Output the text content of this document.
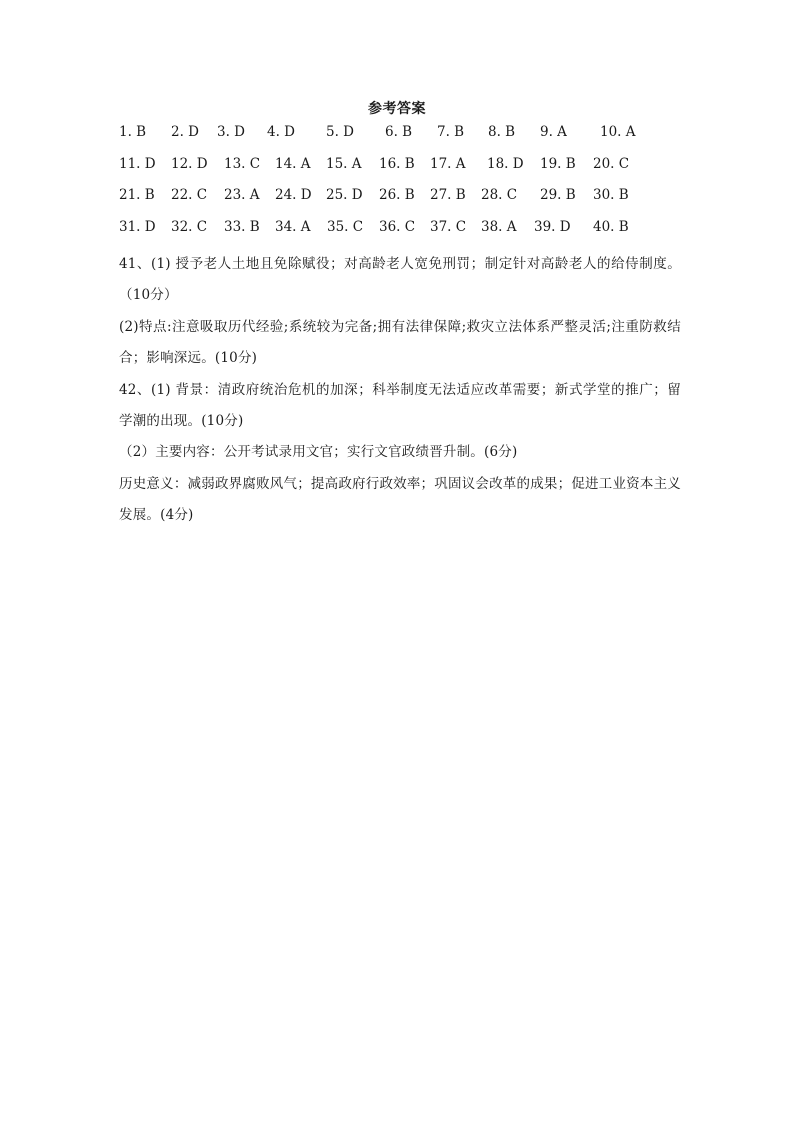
参考答案
1. B 2. D 3. D 4. D 5. D 6. B 7. B 8. B 9. A 10. A
11. D 12. D 13. C 14. A 15. A 16. B 17. A 18. D 19. B 20. C
21. B 22. C 23. A 24. D 25. D 26. B 27. B 28. C 29. B 30. B
31. D 32. C 33. B 34. A 35. C 36. C 37. C 38. A 39. D 40. B

41、(1) 授予老人土地且免除赋役；对高龄老人宽免刑罚；制定针对高龄老人的给侍制度。（10分）

(2)特点:注意吸取历代经验;系统较为完备;拥有法律保障;救灾立法体系严整灵活;注重防救结合；影响深远。(10分)

42、(1) 背景：清政府统治危机的加深；科举制度无法适应改革需要；新式学堂的推广；留学潮的出现。(10分)

（2）主要内容：公开考试录用文官；实行文官政绩晋升制。(6分)

历史意义：减弱政界腐败风气；提高政府行政效率；巩固议会改革的成果；促进工业资本主义发展。(4分)
